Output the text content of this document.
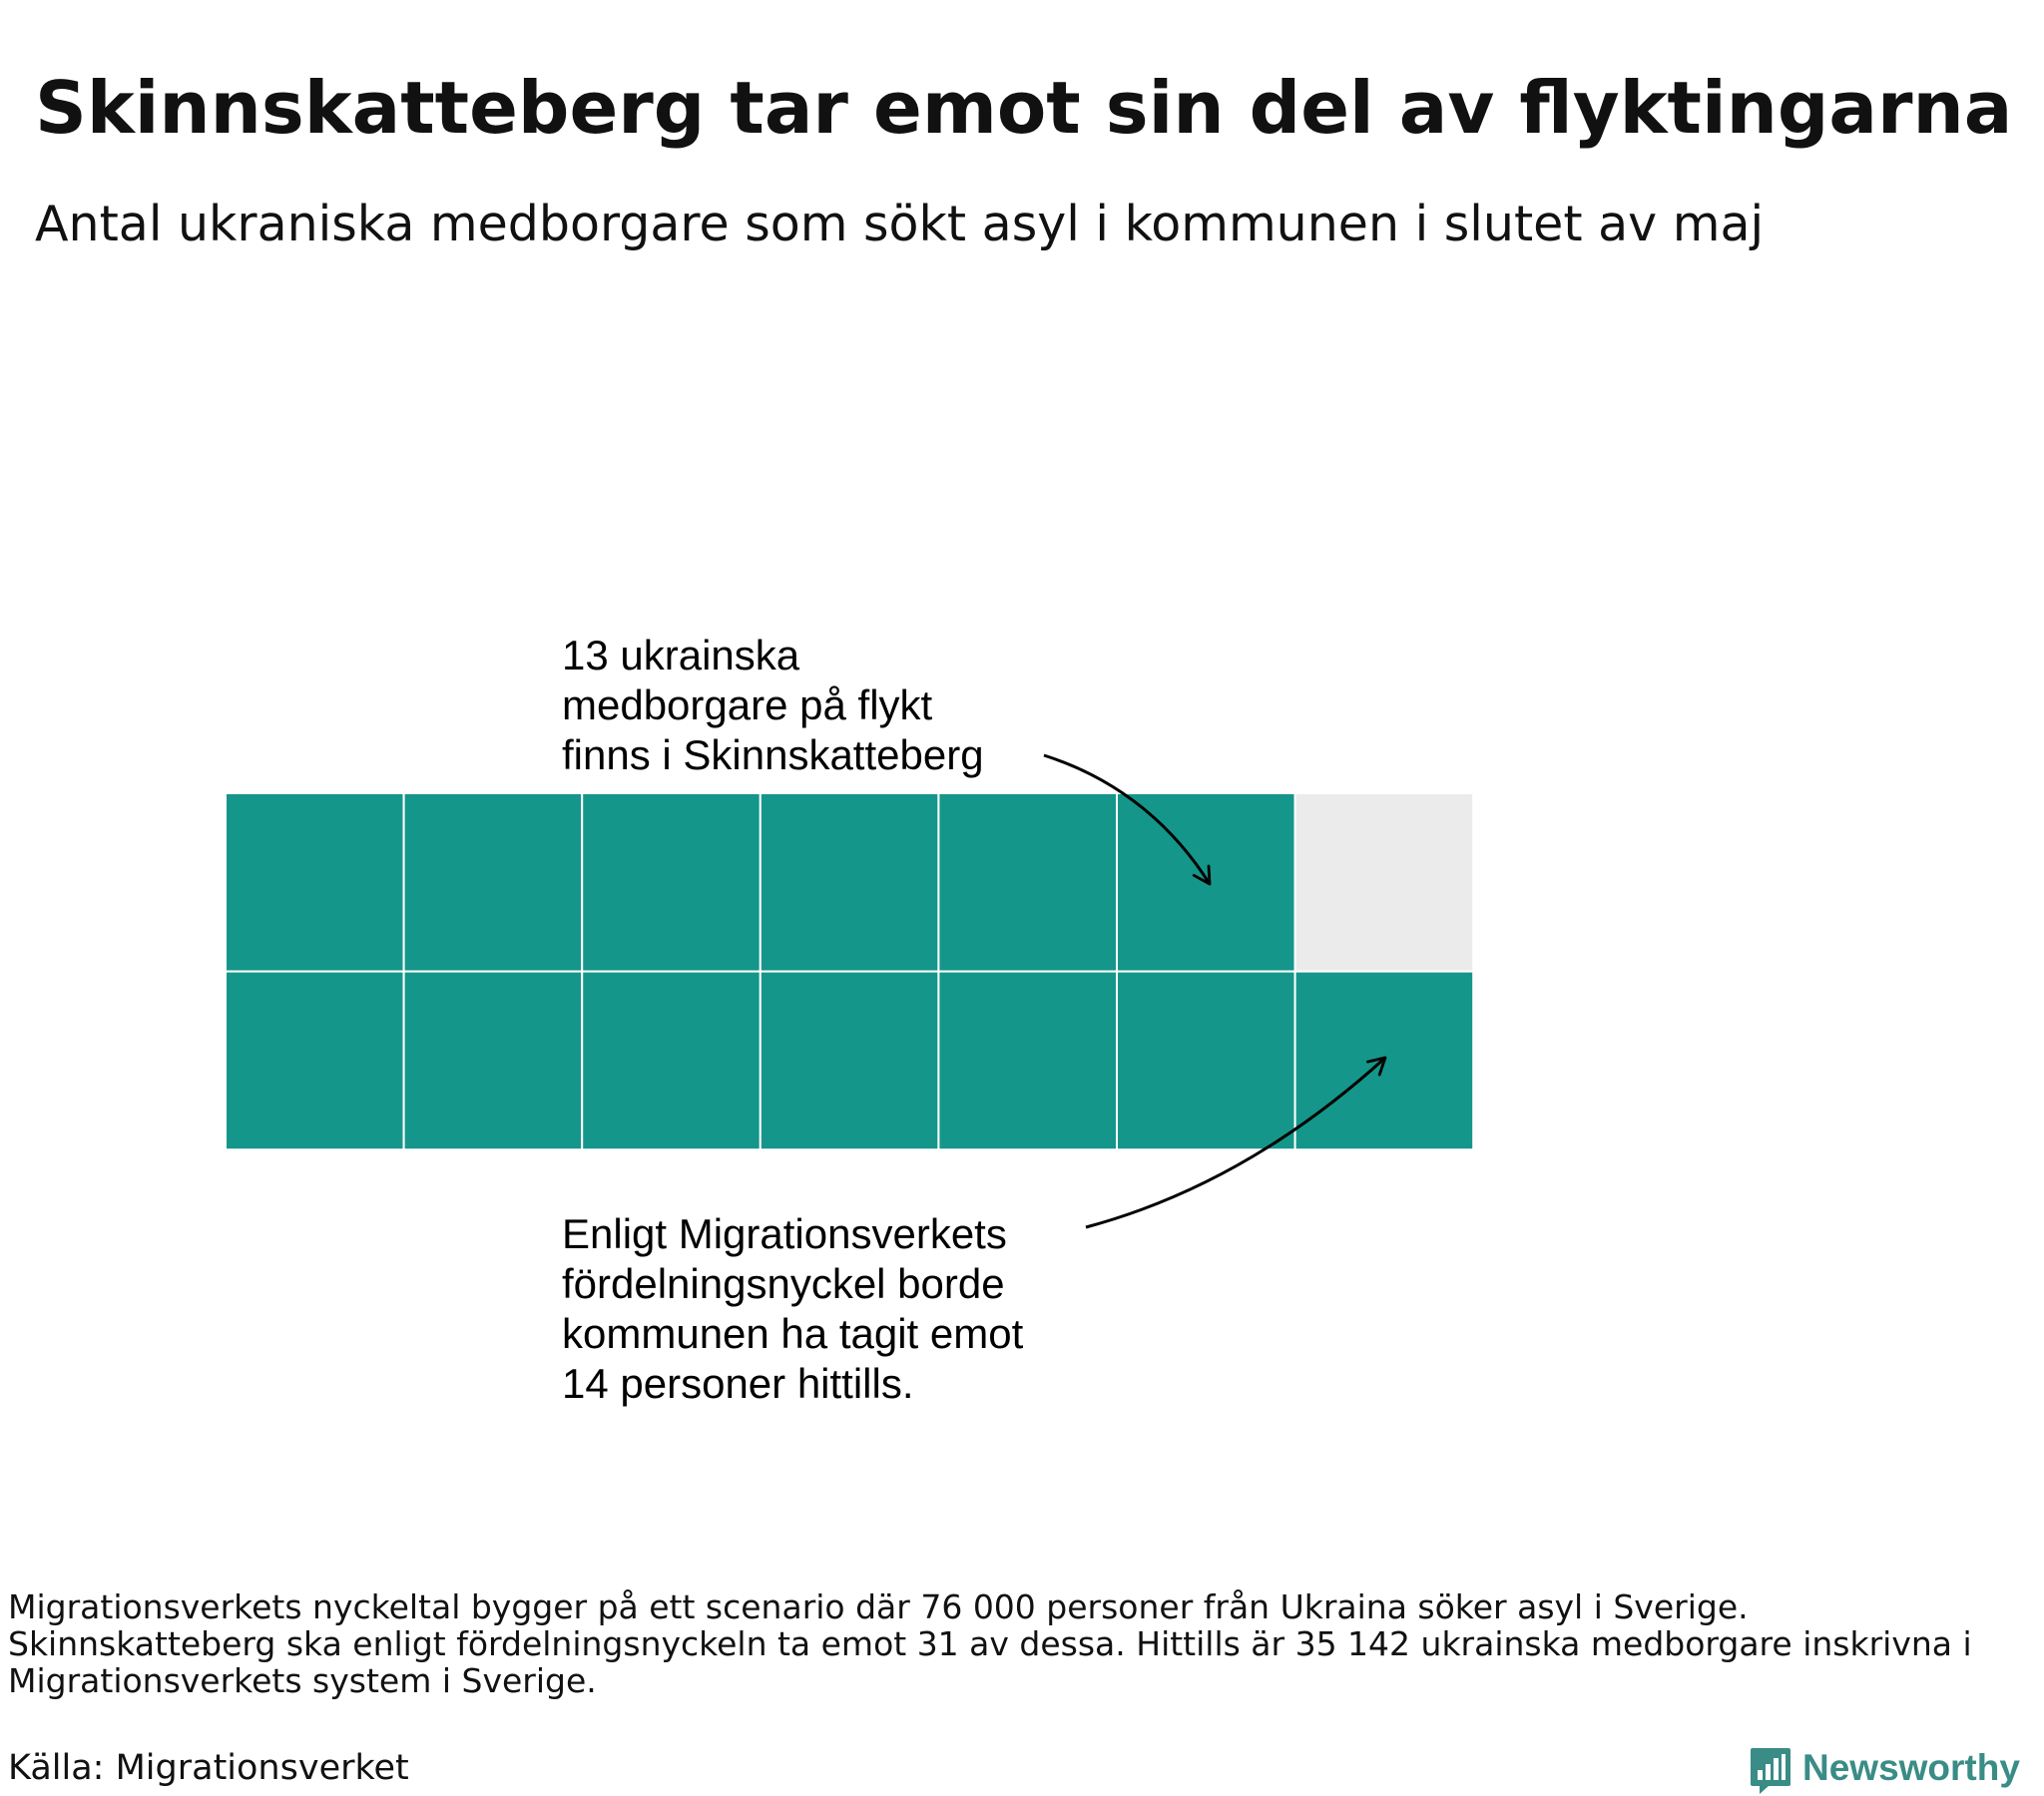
Skinnskatteberg tar emot sin del av flyktingarna

Antal ukraniska medborgare som sökt asyl i kommunen i slutet av maj

13 ukrainska
medborgare på flykt
finns i Skinnskatteberg
Enligt Migrationsverkets
fördelningsnyckel borde
kommunen ha tagit emot
14 personer hittills.
Migrationsverkets nyckeltal bygger på ett scenario där 76 000 personer från Ukraina söker asyl i Sverige.
Skinnskatteberg ska enligt fördelningsnyckeln ta emot 31 av dessa. Hittills är 35 142 ukrainska medborgare inskrivna i
Migrationsverkets system i Sverige.
Källa: Migrationsverket	Newsworthy
